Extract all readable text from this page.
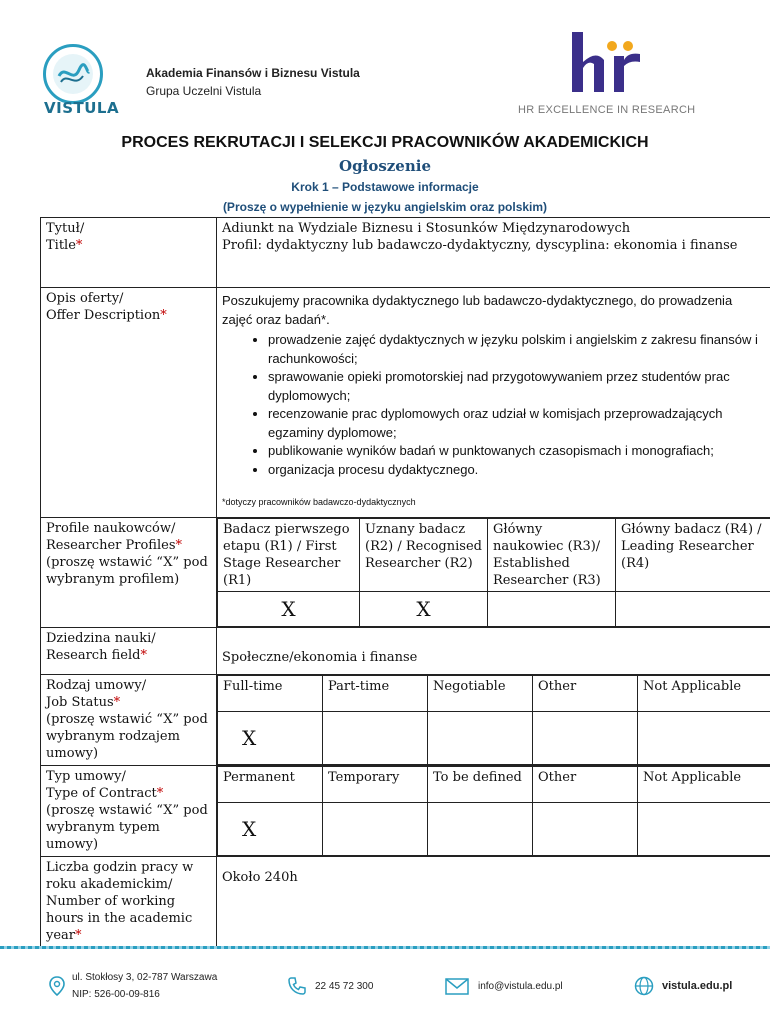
VISTULA
Akademia Finansów i Biznesu Vistula
Grupa Uczelni Vistula
HR EXCELLENCE IN RESEARCH
PROCES REKRUTACJI I SELEKCJI PRACOWNIKÓW AKADEMICKICH
Ogłoszenie
Krok 1 – Podstawowe informacje
(Proszę o wypełnienie w języku angielskim oraz polskim)
Tytuł/
Title*	
Adiunkt na Wydziale Biznesu i Stosunków Międzynarodowych
Profil: dydaktyczny lub badawczo-dydaktyczny, dyscyplina: ekonomia i finanse

Opis oferty/
Offer Description*	
Poszukujemy pracownika dydaktycznego lub badawczo-dydaktycznego, do prowadzenia zajęć oraz badań*.
• prowadzenie zajęć dydaktycznych w języku polskim i angielskim z zakresu finansów i rachunkowości;
• sprawowanie opieki promotorskiej nad przygotowywaniem przez studentów prac dyplomowych;
• recenzowanie prac dyplomowych oraz udział w komisjach przeprowadzających egzaminy dyplomowe;
• publikowanie wyników badań w punktowanych czasopismach i monografiach;
• organizacja procesu dydaktycznego.
*dotyczy pracowników badawczo-dydaktycznych

Profile naukowców/
Researcher Profiles*
(proszę wstawić “X” pod wybranym profilem)	
Badacz pierwszego etapu (R1) / First Stage Researcher (R1)	Uznany badacz (R2) / Recognised Researcher (R2)	Główny naukowiec (R3)/ Established Researcher (R3)	Główny badacz (R4) / Leading Researcher (R4)
X	X		

Dziedzina nauki/
Research field*	Społeczne/ekonomia i finanse
Rodzaj umowy/
Job Status*
(proszę wstawić “X” pod wybranym rodzajem umowy)	
Full-time	Part-time	Negotiable	Other	Not Applicable
X				

Typ umowy/
Type of Contract*
(proszę wstawić “X” pod wybranym typem umowy)	
Permanent	Temporary	To be defined	Other	Not Applicable
X				

Liczba godzin pracy w roku akademickim/ Number of working hours in the academic year*	Około 240h
ul. Stokłosy 3, 02-787 Warszawa
NIP: 526-00-09-816
22 45 72 300	info@vistula.edu.pl	vistula.edu.pl
